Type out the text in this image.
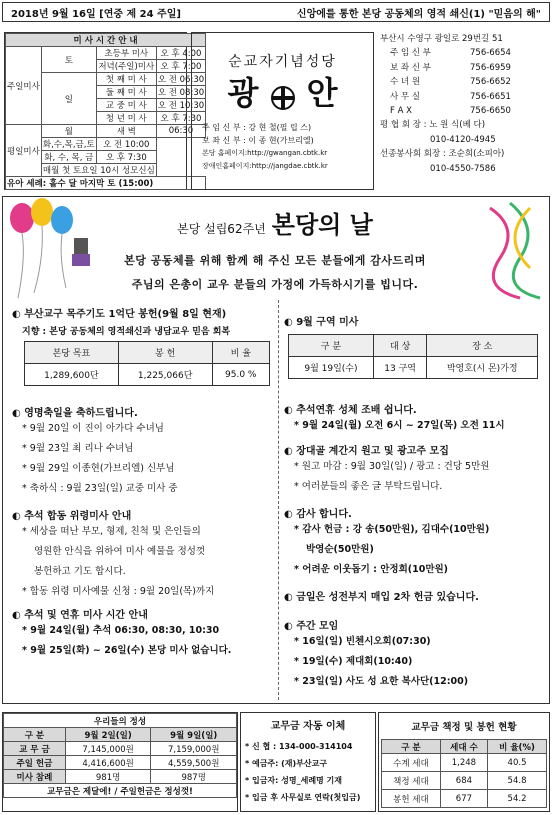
2018년 9월 16일 [연중 제 24 주일]	신앙에를 통한 본당 공동체의 영적 쇄신(1) "믿음의 해"
미 사 시 간 안 내			
주일미사	토	초등부 미사	오 후 4:00
		저녁(주일)미사	오 후 7:00
	일	첫 째 미 사	오 전 06:30
		둘 째 미 사	오 전 08:30
		교 중 미 사	오 전 10:30
		청 년 미 사	오 후 7:30
평일미사	월	새 벽	06:30
	화,수,목,금,토	오 전 10:00	
	화, 수, 목, 금	오 후 7:30	
	매월 첫 토요일 10시 성모신심		
유아 세례: 홀수 달 마지막 토 (15:00)			
순교자기념성당
광 안
주 임 신 부 : 강 현 철(필 립 스)
보 좌 신 부 : 이 종 현(가브리엘)
본당 홈페이지:http://gwangan.cbtk.kr
장애인홈페이지:http://jangdae.cbtk.kr
부산시 수영구 광일로 29번길 51
주 임 신 부	756-6654
보 좌 신 부	756-6959
수 녀 원	756-6652
사 무 실	756-6651
F A X	756-6650
평 협 회 장 : 노 원 식(베 다)
010-4120-4945
선종봉사회 회장 : 조순희(소피아)
010-4550-7586
본당 설립62주년 본당의 날
본당 공동체를 위해 함께 해 주신 모든 분들에게 감사드리며
주님의 은총이 교우 분들의 가정에 가득하시기를 빕니다.
◐ 부산교구 목주기도 1억단 봉헌(9월 8일 현재)
지향 : 본당 공동체의 영적쇄신과 냉담교우 믿음 회복
본당 목표	봉 헌	비 율
1,289,600단	1,225,066단	95.0 %
◐ 영명축일을 축하드립니다.
* 9월 20일 이 진이 아가다 수녀님
* 9월 23일 최 리나 수녀님
* 9월 29일 이종현(가브리엘) 신부님
* 축하식 : 9월 23일(일) 교중 미사 중
◐ 추석 합동 위령미사 안내
* 세상을 떠난 부모, 형제, 친척 및 은인들의
영원한 안식을 위하여 미사 예물을 정성껏
봉헌하고 기도 합시다.
* 합동 위령 미사예물 신청 : 9월 20일(목)까지
◐ 추석 및 연휴 미사 시간 안내
* 9월 24일(월) 추석 06:30, 08:30, 10:30
* 9월 25일(화) ~ 26일(수) 본당 미사 없습니다.
◐ 9월 구역 미사
구 분	대 상	장 소
9월 19일(수)	13 구역	박영호(시 몬)가정
◐ 추석연휴 성체 조배 쉽니다.
* 9월 24일(월) 오전 6시 ~ 27일(목) 오전 11시
◐ 장대골 계간지 원고 및 광고주 모집
* 원고 마감 : 9월 30일(일) / 광고 : 건당 5만원
* 여러분들의 좋은 글 부탁드립니다.
◐ 감사 합니다.
* 감사 헌금 : 강 송(50만원), 김대수(10만원)
박영순(50만원)
* 어려운 이웃돕기 : 안정희(10만원)
◐ 금일은 성전부지 매입 2차 헌금 있습니다.
◐ 주간 모임
* 16일(일) 빈첸시오회(07:30)
* 19일(수) 제대회(10:40)
* 23일(일) 사도 성 요한 복사단(12:00)
우리들의 정성		
구 분	9월 2일(일)	9월 9일(일)
교 무 금	7,145,000원	7,159,000원
주일 헌금	4,416,600원	4,559,500원
미사 참례	981명	987명
교무금은 제달에! / 주일헌금은 정성껏!		
교무금 자동 이체
* 신 협 : 134-000-314104
* 예금주: (재)부산교구
* 입금자: 성명_세례명 기재
* 입금 후 사무실로 연락(첫입금)
교무금 책정 및 봉헌 현황
구 분	세대 수	비 율(%)
수계 세대	1,248	40.5
책정 세대	684	54.8
봉헌 세대	677	54.2
